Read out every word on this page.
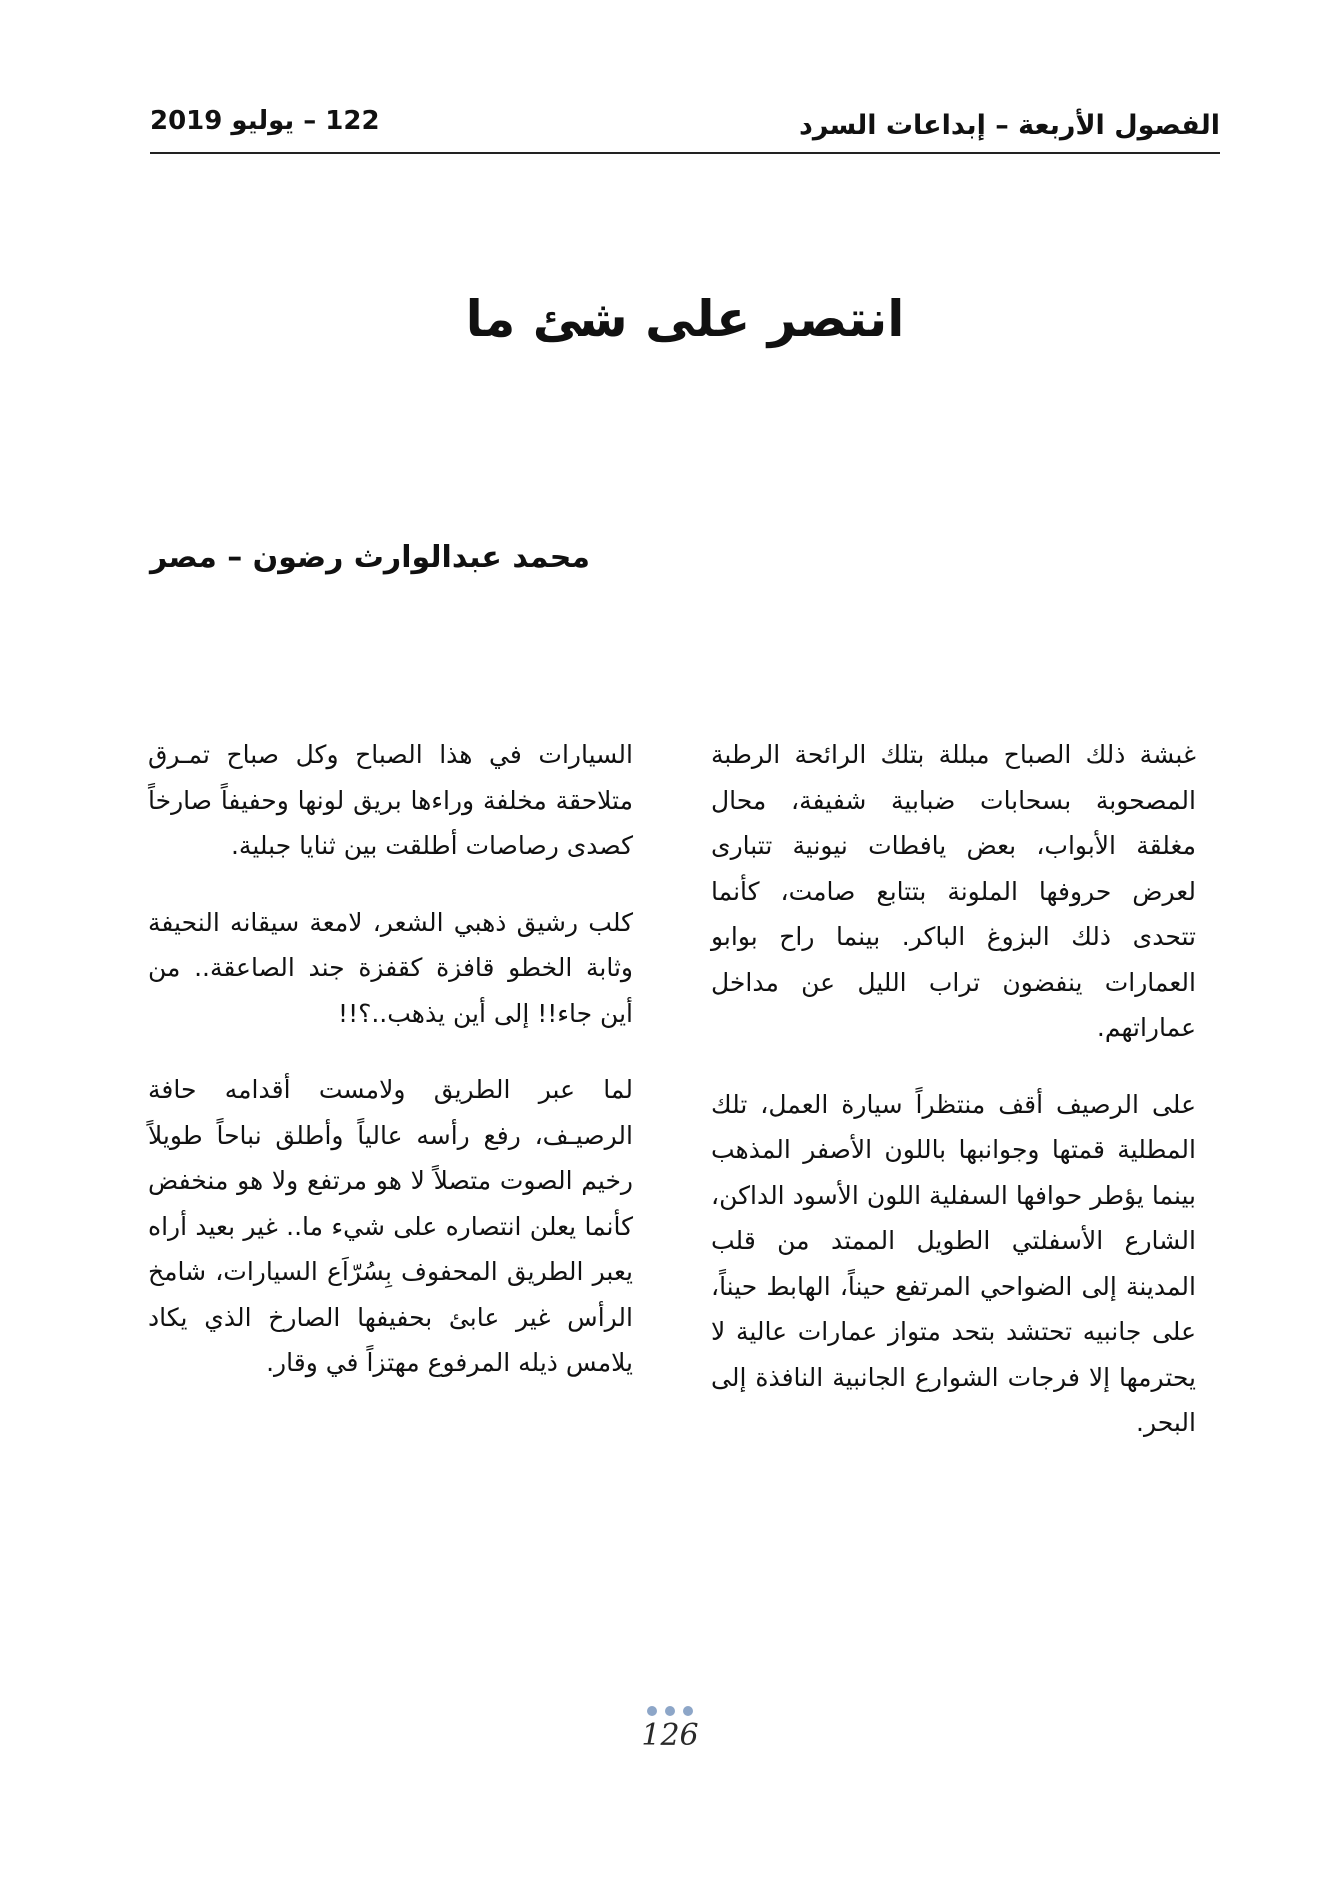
122 – يوليو 2019	الفصول الأربعة – إبداعات السرد
انتصر على شئ ما
محمد عبدالوارث رضون – مصر

غبشة ذلك الصباح مبللة بتلك الرائحة الرطبة المصحوبة بسحابات ضبابية شفيفة، محال مغلقة الأبواب، بعض يافطات نيونية تتبارى لعرض حروفها الملونة بتتابع صامت، كأنما تتحدى ذلك البزوغ الباكر. بينما راح بوابو العمارات ينفضون تراب الليل عن مداخل عماراتهم.

على الرصيف أقف منتظراً سيارة العمل، تلك المطلية قمتها وجوانبها باللون الأصفر المذهب بينما يؤطر حوافها السفلية اللون الأسود الداكن، الشارع الأسفلتي الطويل الممتد من قلب المدينة إلى الضواحي المرتفع حيناً، الهابط حيناً، على جانبيه تحتشد بتحد متواز عمارات عالية لا يحترمها إلا فرجات الشوارع الجانبية النافذة إلى البحر.

السيارات في هذا الصباح وكل صباح تمـرق متلاحقة مخلفة وراءها بريق لونها وحفيفاً صارخاً كصدى رصاصات أطلقت بين ثنايا جبلية.

كلب رشيق ذهبي الشعر، لامعة سيقانه النحيفة وثابة الخطو قافزة كقفزة جند الصاعقة.. من أين جاء!! إلى أين يذهب..؟!!

لما عبر الطريق ولامست أقدامه حافة الرصيـف، رفع رأسه عالياً وأطلق نباحاً طويلاً رخيم الصوت متصلاً لا هو مرتفع ولا هو منخفض كأنما يعلن انتصاره على شيء ما.. غير بعيد أراه يعبر الطريق المحفوف بِسُرّاَع السيارات، شامخ الرأس غير عابئ بحفيفها الصارخ الذي يكاد يلامس ذيله المرفوع مهتزاً في وقار.

126
